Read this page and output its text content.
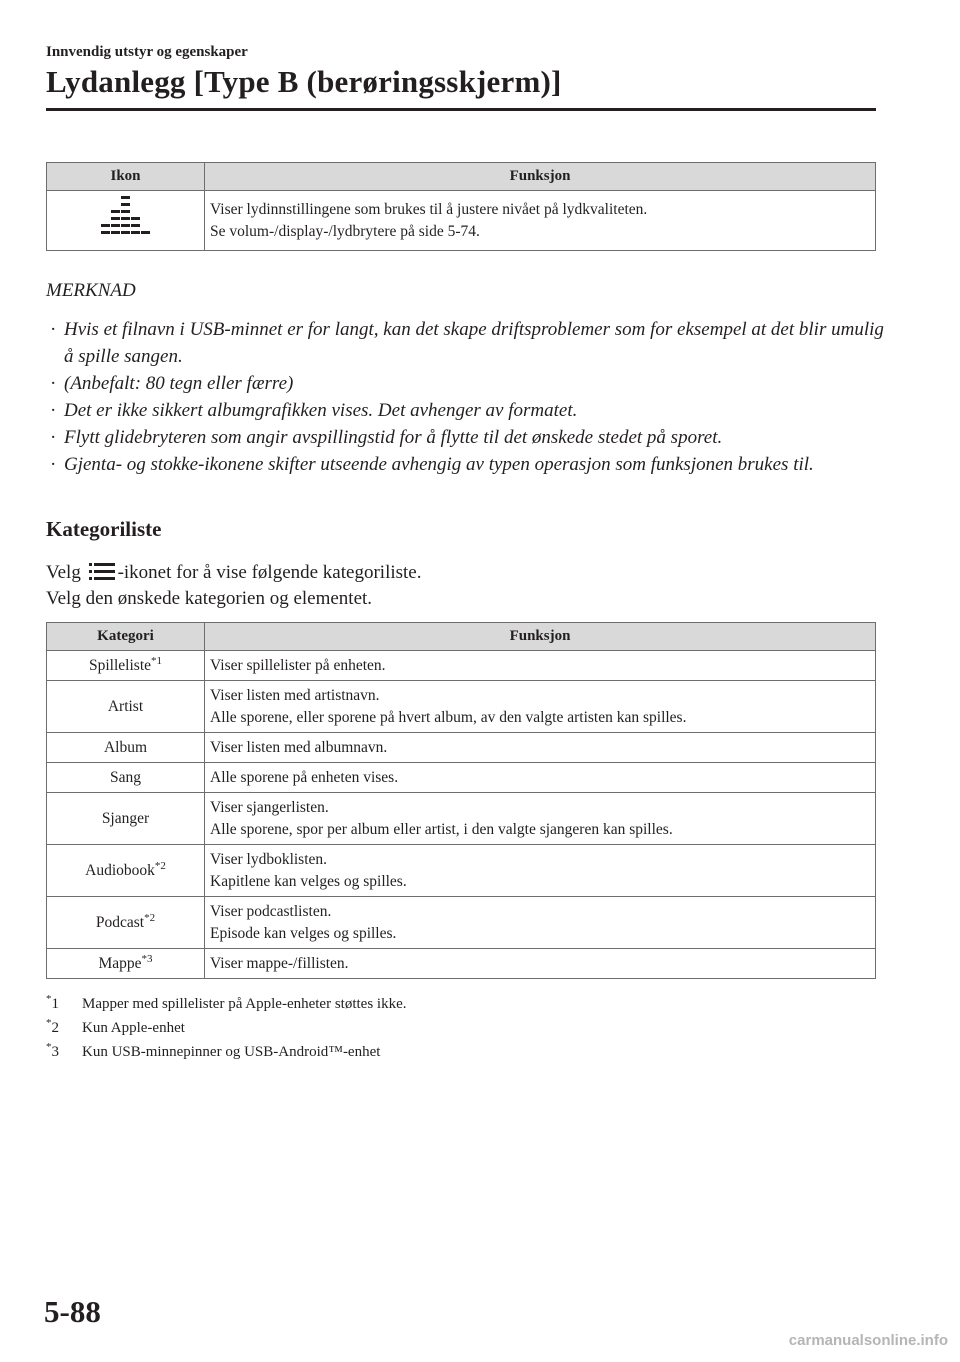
Innvendig utstyr og egenskaper
Lydanlegg [Type B (berøringsskjerm)]
Ikon	Funksjon

Viser lydinnstillingene som brukes til å justere nivået på lydkvaliteten.
Se volum-/display-/lydbrytere på side 5-74.
MERKNAD
· Hvis et filnavn i USB-minnet er for langt, kan det skape driftsproblemer som for eksempel at det blir umulig å spille sangen.
· (Anbefalt: 80 tegn eller færre)
· Det er ikke sikkert albumgrafikken vises. Det avhenger av formatet.
· Flytt glidebryteren som angir avspillingstid for å flytte til det ønskede stedet på sporet.
· Gjenta- og stokke-ikonene skifter utseende avhengig av typen operasjon som funksjonen brukes til.
Kategoriliste

Velg -ikonet for å vise følgende kategoriliste.

Velg den ønskede kategorien og elementet.

Kategori	Funksjon
Spilleliste$^{*1}$	Viser spillelister på enheten.

Artist	Viser listen med artistnavn.
Alle sporene, eller sporene på hvert album, av den valgte artisten kan spilles.

Album	Viser listen med albumnavn.

Sang	Alle sporene på enheten vises.

Sjanger	Viser sjangerlisten.
Alle sporene, spor per album eller artist, i den valgte sjangeren kan spilles.

Audiobook$^{*2}$	Viser lydboklisten.
Kapitlene kan velges og spilles.

Podcast$^{*2}$	Viser podcastlisten.
Episode kan velges og spilles.

Mappe$^{*3}$	Viser mappe-/fillisten.
*1	Mapper med spillelister på Apple-enheter støttes ikke.
*2	Kun Apple-enhet
*3	Kun USB-minnepinner og USB-Android™-enhet
5-88
carmanualsonline.info
